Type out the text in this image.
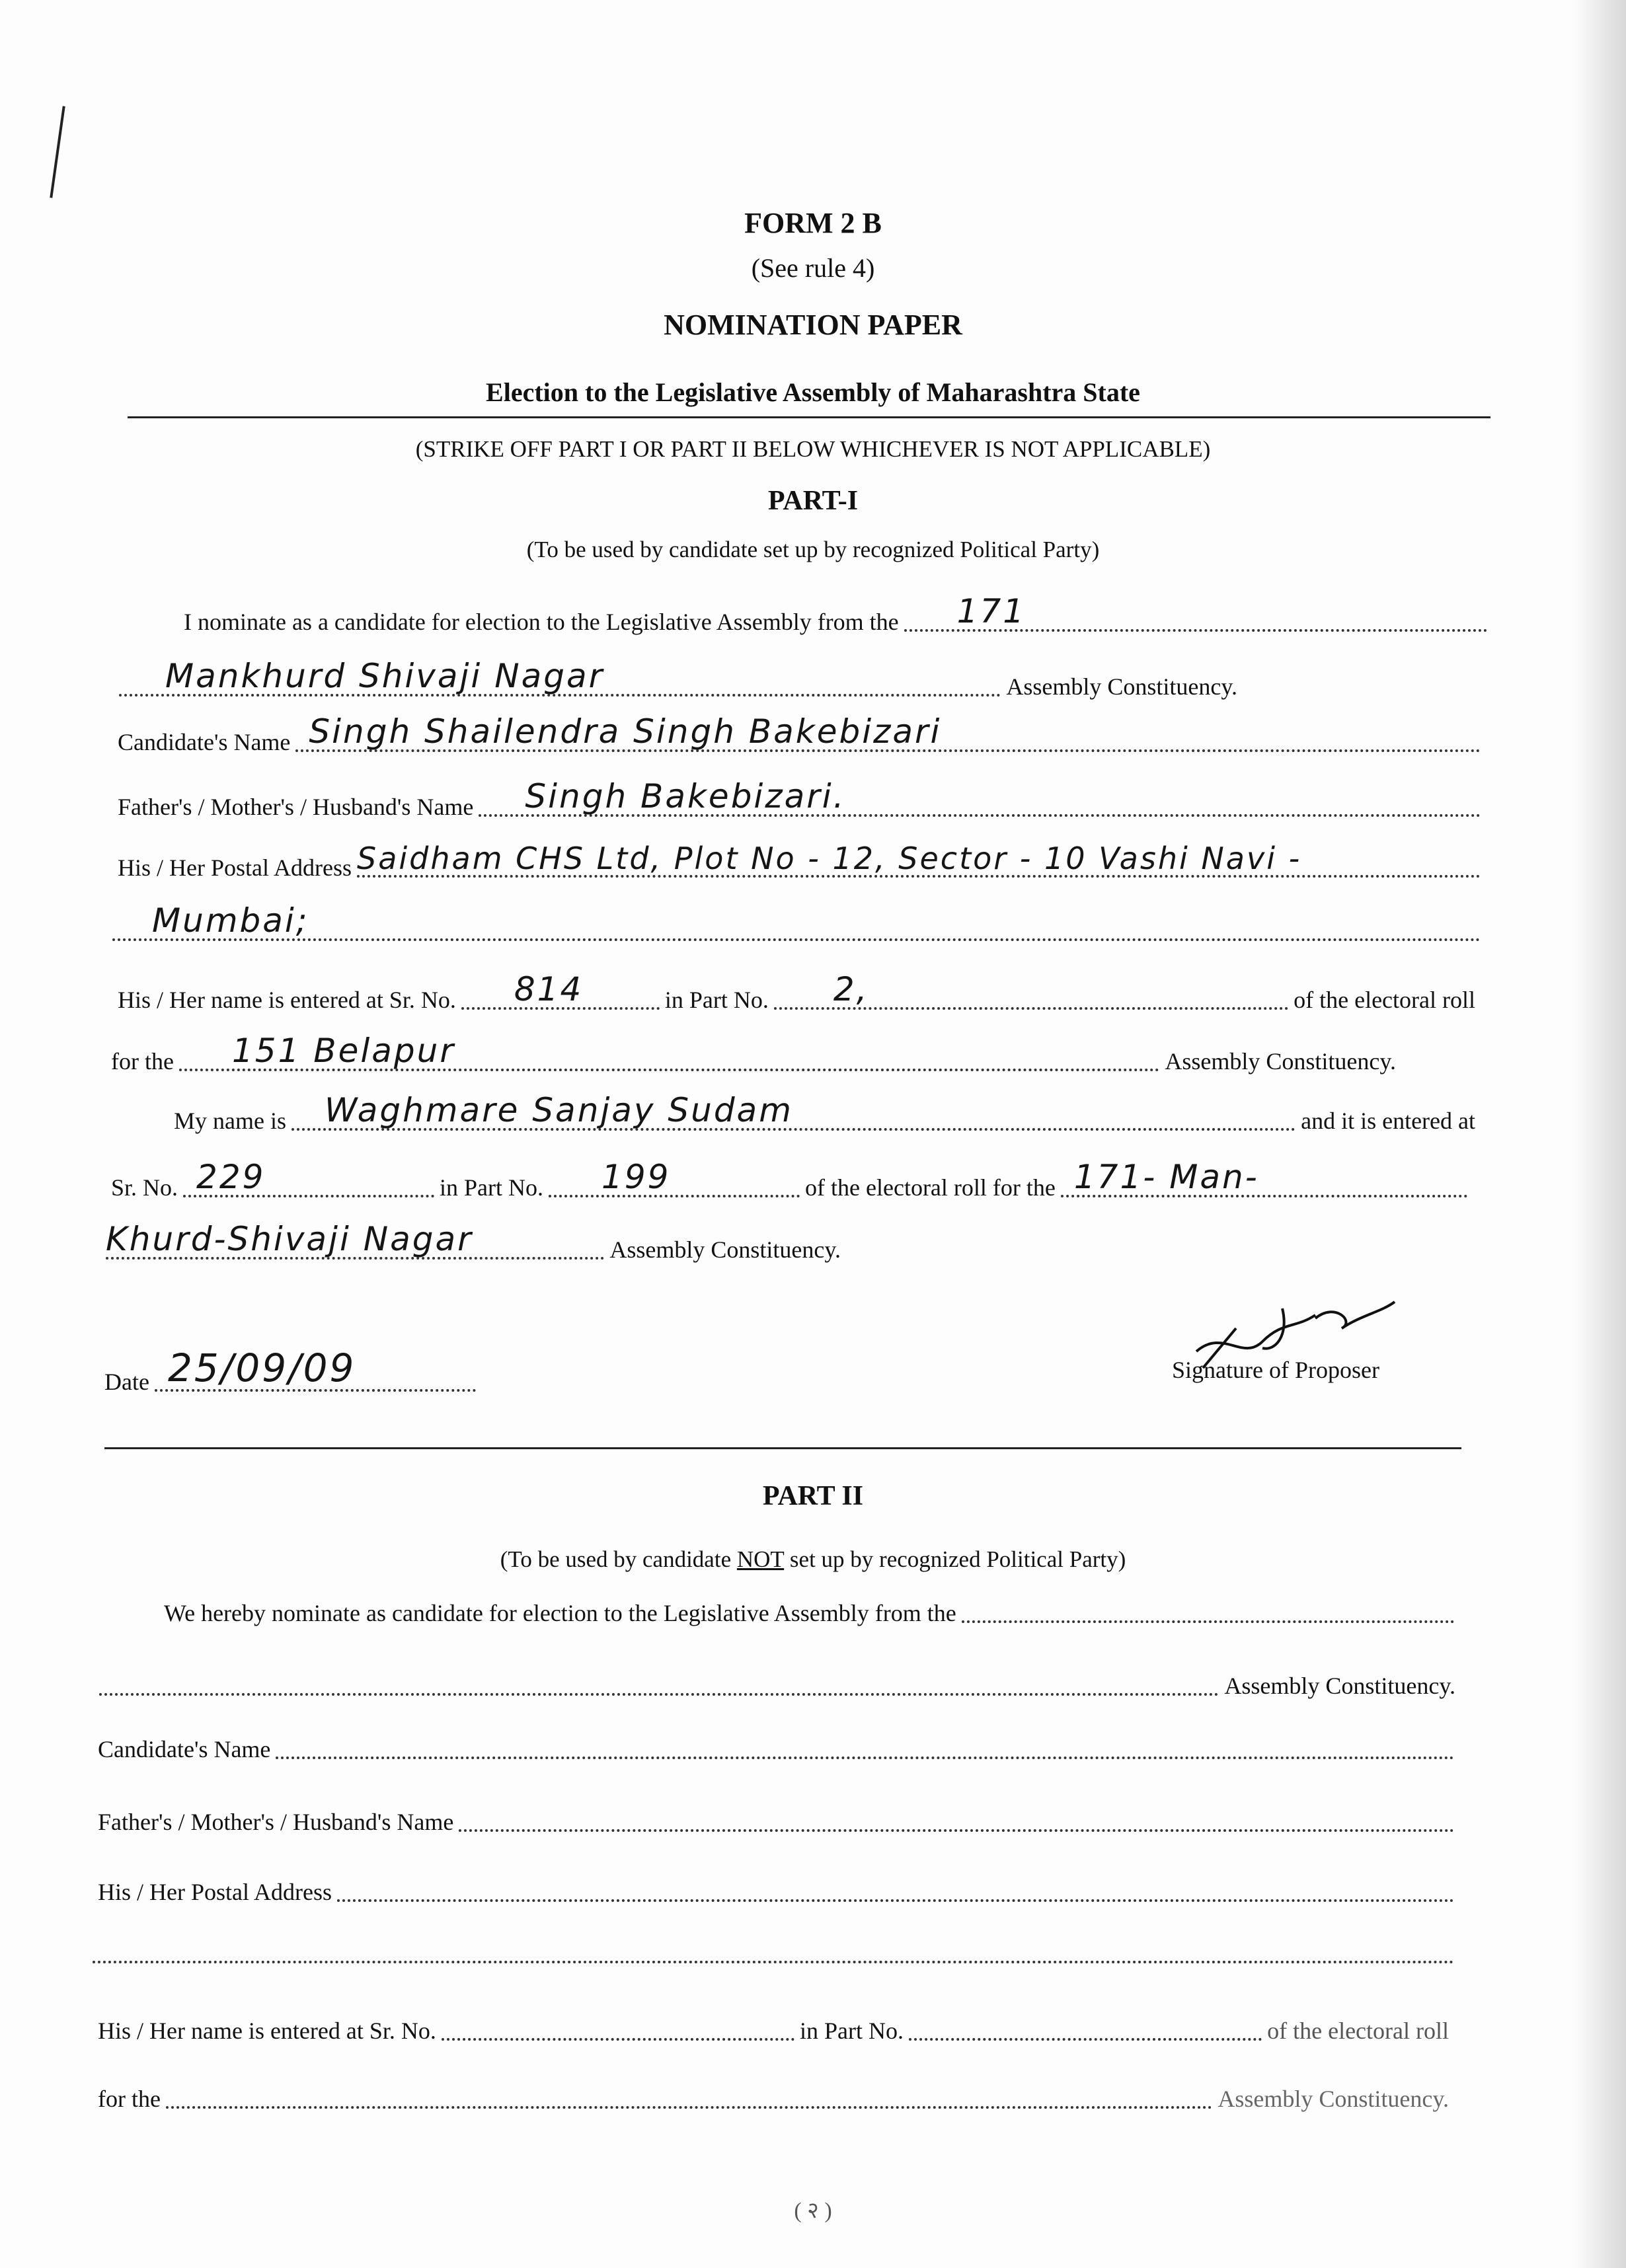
FORM 2 B
(See rule 4)
NOMINATION PAPER
Election to the Legislative Assembly of Maharashtra State
(STRIKE OFF PART I OR PART II BELOW WHICHEVER IS NOT APPLICABLE)
PART-I
(To be used by candidate set up by recognized Political Party)
I nominate as a candidate for election to the Legislative Assembly from the 171
Mankhurd Shivaji Nagar	Assembly Constituency.
Candidate's Name Singh Shailendra Singh Bakebizari
Father's / Mother's / Husband's Name Singh Bakebizari.
His / Her Postal Address Saidham CHS Ltd, Plot No - 12, Sector - 10 Vashi Navi -
Mumbai;
His / Her name is entered at Sr. No. 814	in Part No. 2,	of the electoral roll
for the 151 Belapur	Assembly Constituency.
My name is Waghmare Sanjay Sudam	and it is entered at
Sr. No. 229	in Part No. 199	of the electoral roll for the 171- Man-
Khurd-Shivaji Nagar	Assembly Constituency.
Date 25/09/09	Signature of Proposer
PART II
(To be used by candidate NOT set up by recognized Political Party)
We hereby nominate as candidate for election to the Legislative Assembly from the
Assembly Constituency.
Candidate's Name
Father's / Mother's / Husband's Name
His / Her Postal Address
His / Her name is entered at Sr. No.	in Part No.	of the electoral roll
for the	Assembly Constituency.
( २ )
